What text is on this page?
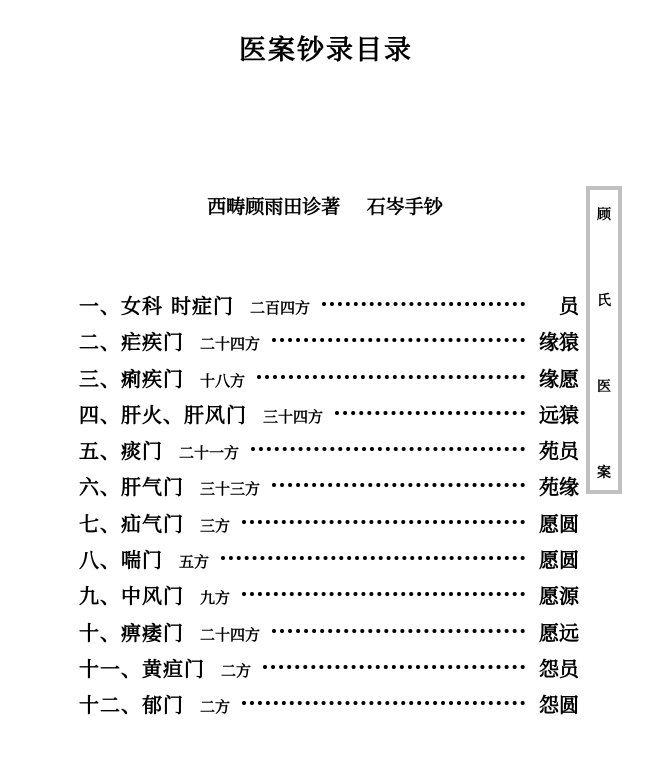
医案钞录目录

西畴顾雨田诊著    石岑手钞

一、女科 时症门 二百四方	员
二、疟疾门 二十四方	缘猿
三、痢疾门 十八方	缘愿
四、肝火、肝风门 三十四方	远猿
五、痰门 二十一方	苑员
六、肝气门 三十三方	苑缘
七、疝气门 三方	愿圆
八、喘门 五方	愿圆
九、中风门 九方	愿源
十、痹痿门 二十四方	愿远
十一、黄疸门 二方	怨员
十二、郁门 二方	怨圆
顾
氏
医
案
